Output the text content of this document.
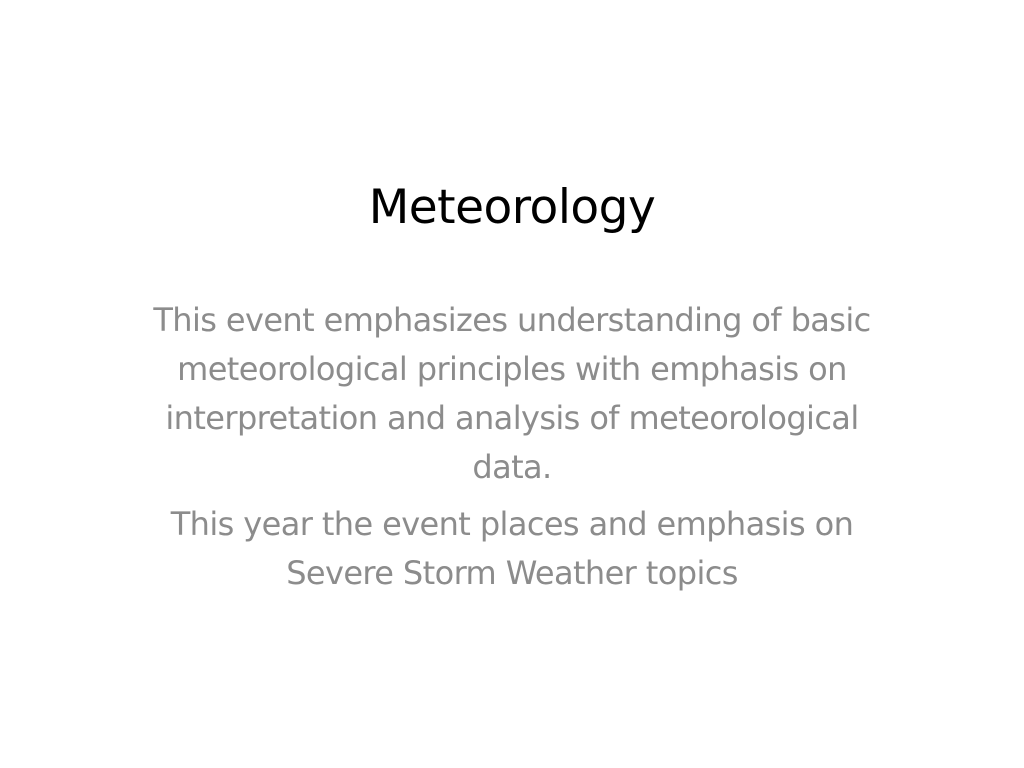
Meteorology

This event emphasizes understanding of basic meteorological principles with emphasis on interpretation and analysis of meteorological data.

This year the event places and emphasis on Severe Storm Weather topics
